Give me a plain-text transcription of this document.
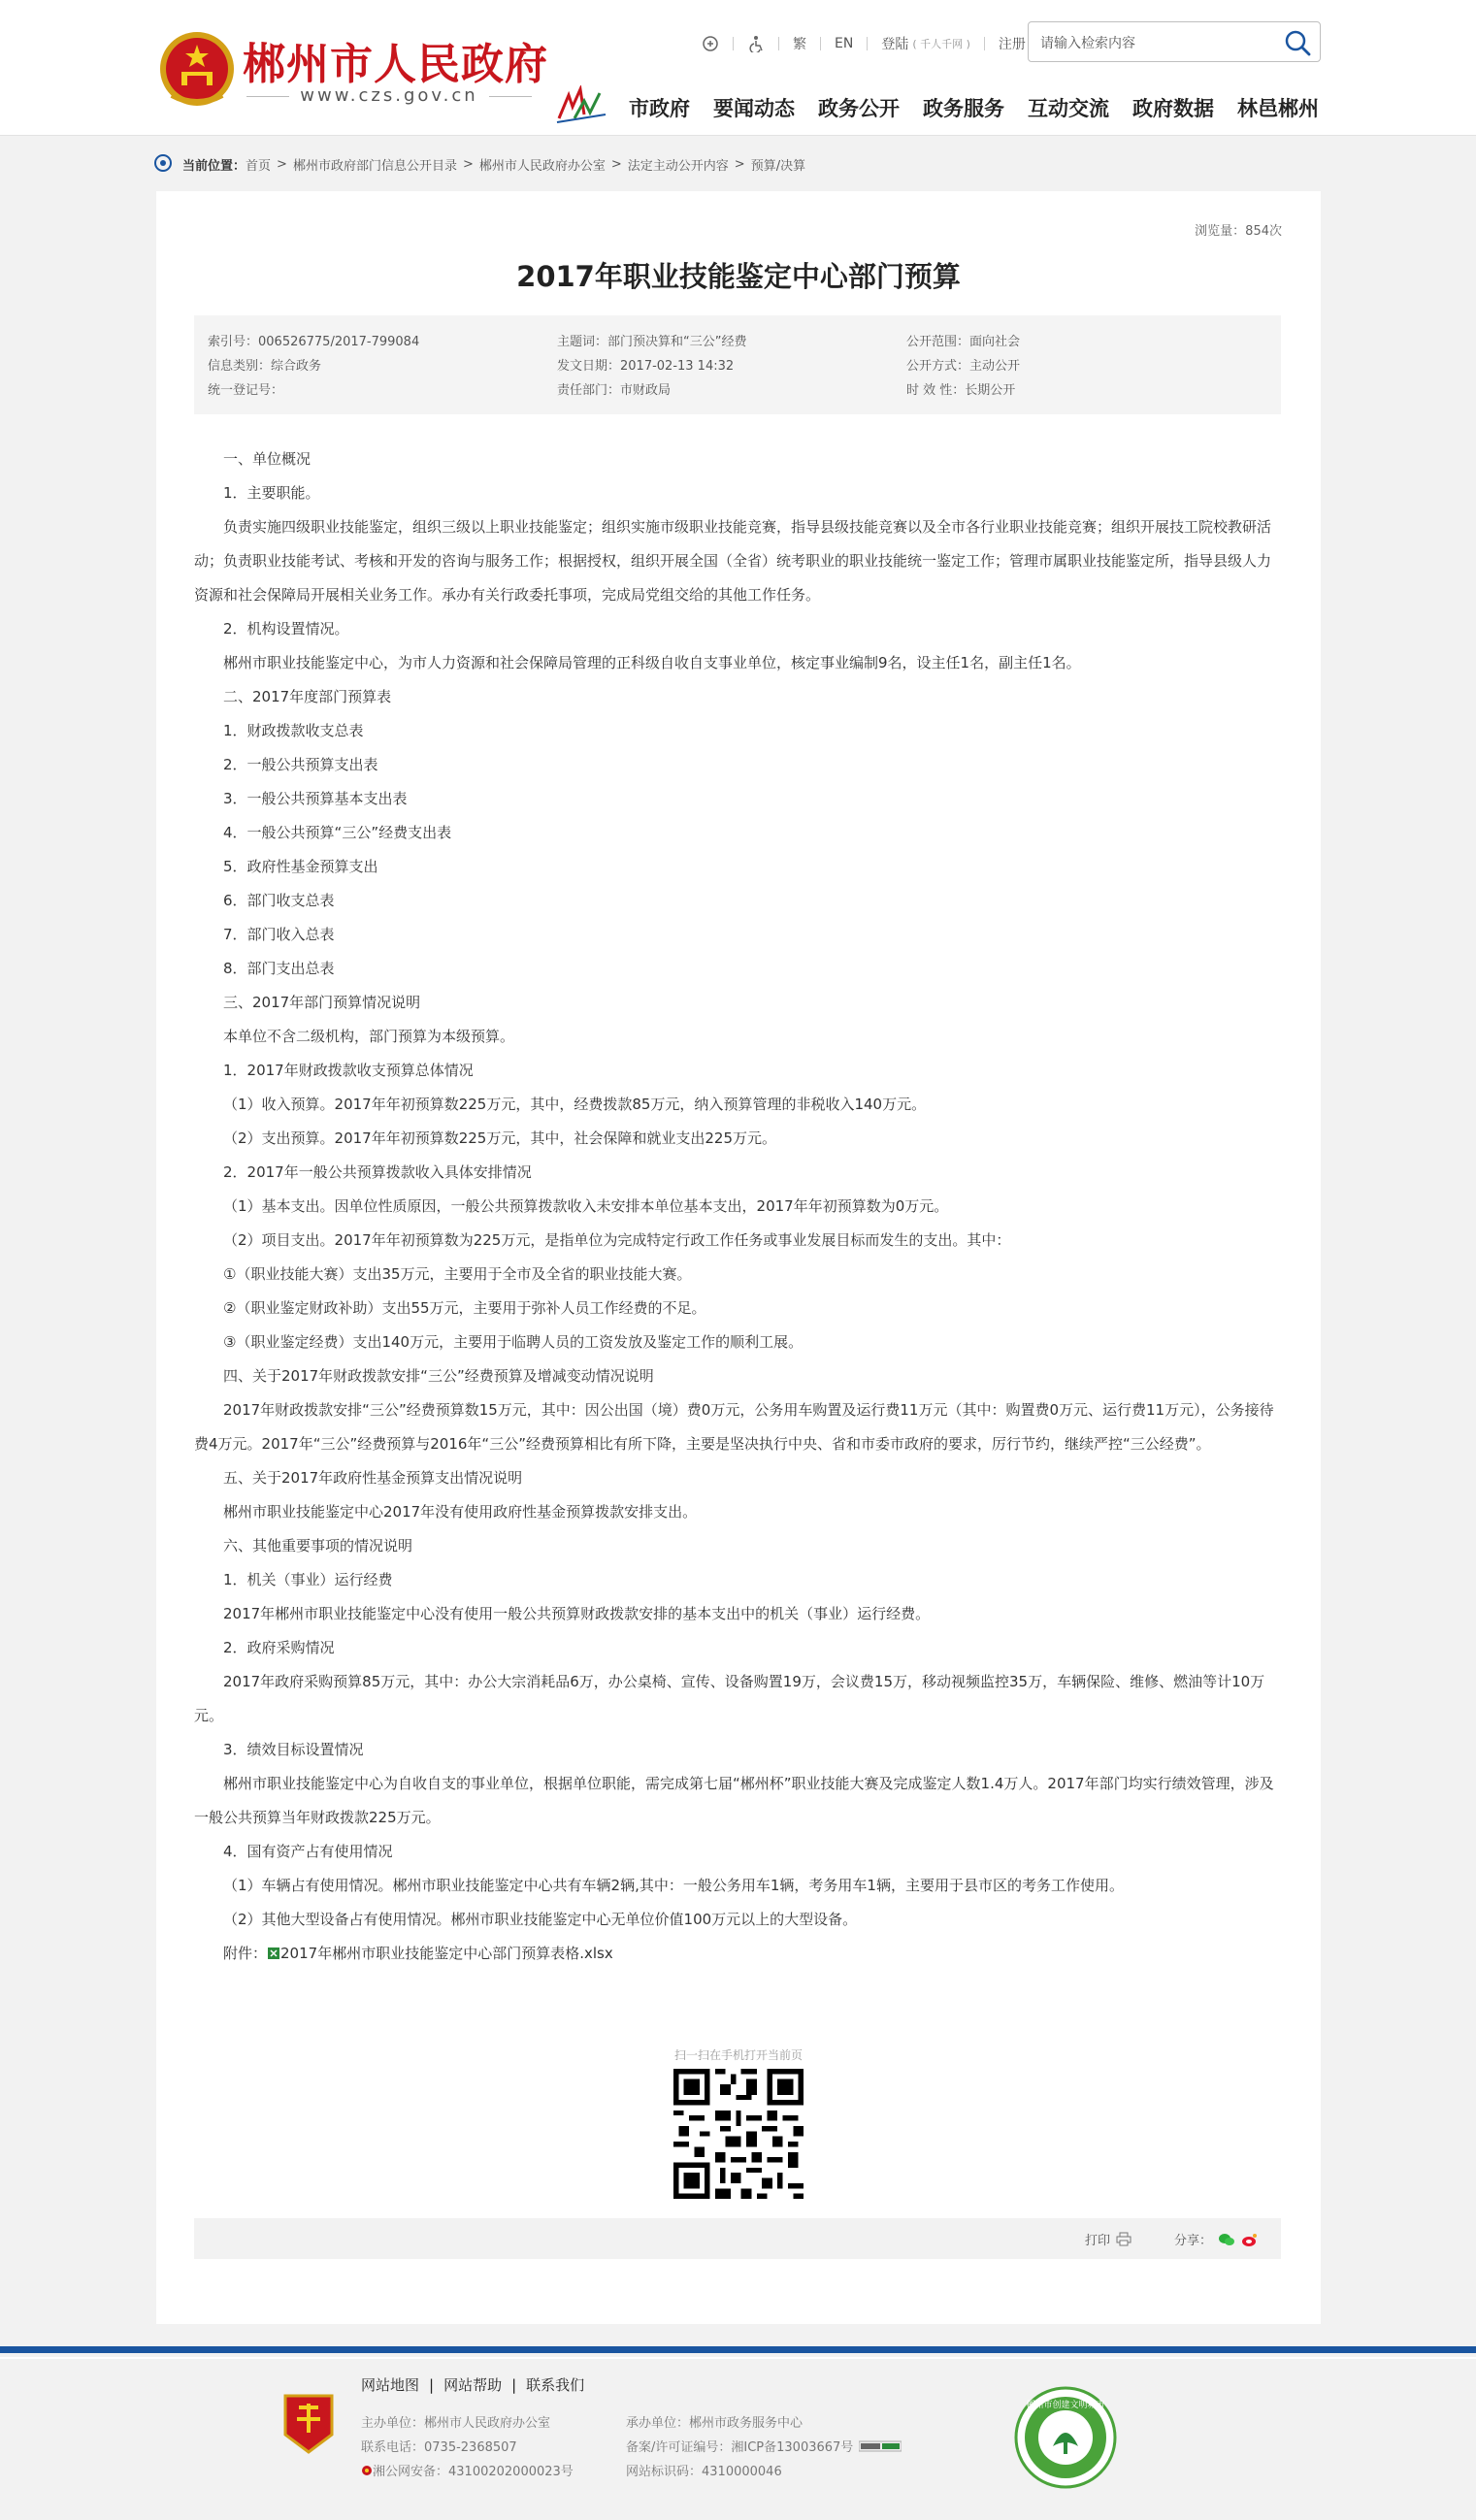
郴州市人民政府
www.czs.gov.cn
繁 EN 登陆 ( 千人千网 ) 注册
请输入检索内容
市政府 要闻动态 政务公开 政务服务 互动交流 政府数据 林邑郴州
当前位置： 首页 > 郴州市政府部门信息公开目录 > 郴州市人民政府办公室 > 法定主动公开内容 > 预算/决算
浏览量：854次
2017年职业技能鉴定中心部门预算
索引号：006526775/2017-799084
信息类别：综合政务
统一登记号：
主题词：部门预决算和“三公”经费
发文日期：2017-02-13 14:32
责任部门：市财政局
公开范围：面向社会
公开方式：主动公开
时 效 性：长期公开

一、单位概况

1．主要职能。

负责实施四级职业技能鉴定，组织三级以上职业技能鉴定；组织实施市级职业技能竞赛，指导县级技能竞赛以及全市各行业职业技能竞赛；组织开展技工院校教研活动；负责职业技能考试、考核和开发的咨询与服务工作；根据授权，组织开展全国（全省）统考职业的职业技能统一鉴定工作；管理市属职业技能鉴定所，指导县级人力资源和社会保障局开展相关业务工作。承办有关行政委托事项，完成局党组交给的其他工作任务。

2．机构设置情况。

郴州市职业技能鉴定中心，为市人力资源和社会保障局管理的正科级自收自支事业单位，核定事业编制9名，设主任1名，副主任1名。

二、2017年度部门预算表

1．财政拨款收支总表

2．一般公共预算支出表

3．一般公共预算基本支出表

4．一般公共预算“三公”经费支出表

5．政府性基金预算支出

6．部门收支总表

7．部门收入总表

8．部门支出总表

三、2017年部门预算情况说明

本单位不含二级机构，部门预算为本级预算。

1．2017年财政拨款收支预算总体情况

（1）收入预算。2017年年初预算数225万元，其中，经费拨款85万元，纳入预算管理的非税收入140万元。

（2）支出预算。2017年年初预算数225万元，其中，社会保障和就业支出225万元。

2．2017年一般公共预算拨款收入具体安排情况

（1）基本支出。因单位性质原因，一般公共预算拨款收入未安排本单位基本支出，2017年年初预算数为0万元。

（2）项目支出。2017年年初预算数为225万元，是指单位为完成特定行政工作任务或事业发展目标而发生的支出。其中：

①（职业技能大赛）支出35万元，主要用于全市及全省的职业技能大赛。

②（职业鉴定财政补助）支出55万元，主要用于弥补人员工作经费的不足。

③（职业鉴定经费）支出140万元，主要用于临聘人员的工资发放及鉴定工作的顺利工展。

四、关于2017年财政拨款安排“三公”经费预算及增减变动情况说明

2017年财政拨款安排“三公”经费预算数15万元，其中：因公出国（境）费0万元，公务用车购置及运行费11万元（其中：购置费0万元、运行费11万元），公务接待费4万元。2017年“三公”经费预算与2016年“三公”经费预算相比有所下降，主要是坚决执行中央、省和市委市政府的要求，厉行节约，继续严控“三公经费”。

五、关于2017年政府性基金预算支出情况说明

郴州市职业技能鉴定中心2017年没有使用政府性基金预算拨款安排支出。

六、其他重要事项的情况说明

1．机关（事业）运行经费

2017年郴州市职业技能鉴定中心没有使用一般公共预算财政拨款安排的基本支出中的机关（事业）运行经费。

2．政府采购情况

2017年政府采购预算85万元，其中：办公大宗消耗品6万，办公桌椅、宣传、设备购置19万，会议费15万，移动视频监控35万，车辆保险、维修、燃油等计10万元。

3．绩效目标设置情况

郴州市职业技能鉴定中心为自收自支的事业单位，根据单位职能，需完成第七届“郴州杯”职业技能大赛及完成鉴定人数1.4万人。2017年部门均实行绩效管理，涉及一般公共预算当年财政拨款225万元。

4．国有资产占有使用情况

（1）车辆占有使用情况。郴州市职业技能鉴定中心共有车辆2辆,其中：一般公务用车1辆，考务用车1辆，主要用于县市区的考务工作使用。

（2）其他大型设备占有使用情况。郴州市职业技能鉴定中心无单位价值100万元以上的大型设备。

附件： 2017年郴州市职业技能鉴定中心部门预算表格.xlsx

扫一扫在手机打开当前页
打印	分享：
网站地图 | 网站帮助 | 联系我们
主办单位：郴州市人民政府办公室
联系电话：0735-2368507
湘公网安备：43100202000023号
承办单位：郴州市政务服务中心
备案/许可证编号：湘ICP备13003667号
网站标识码：4310000046
郴州市创建文明城市
